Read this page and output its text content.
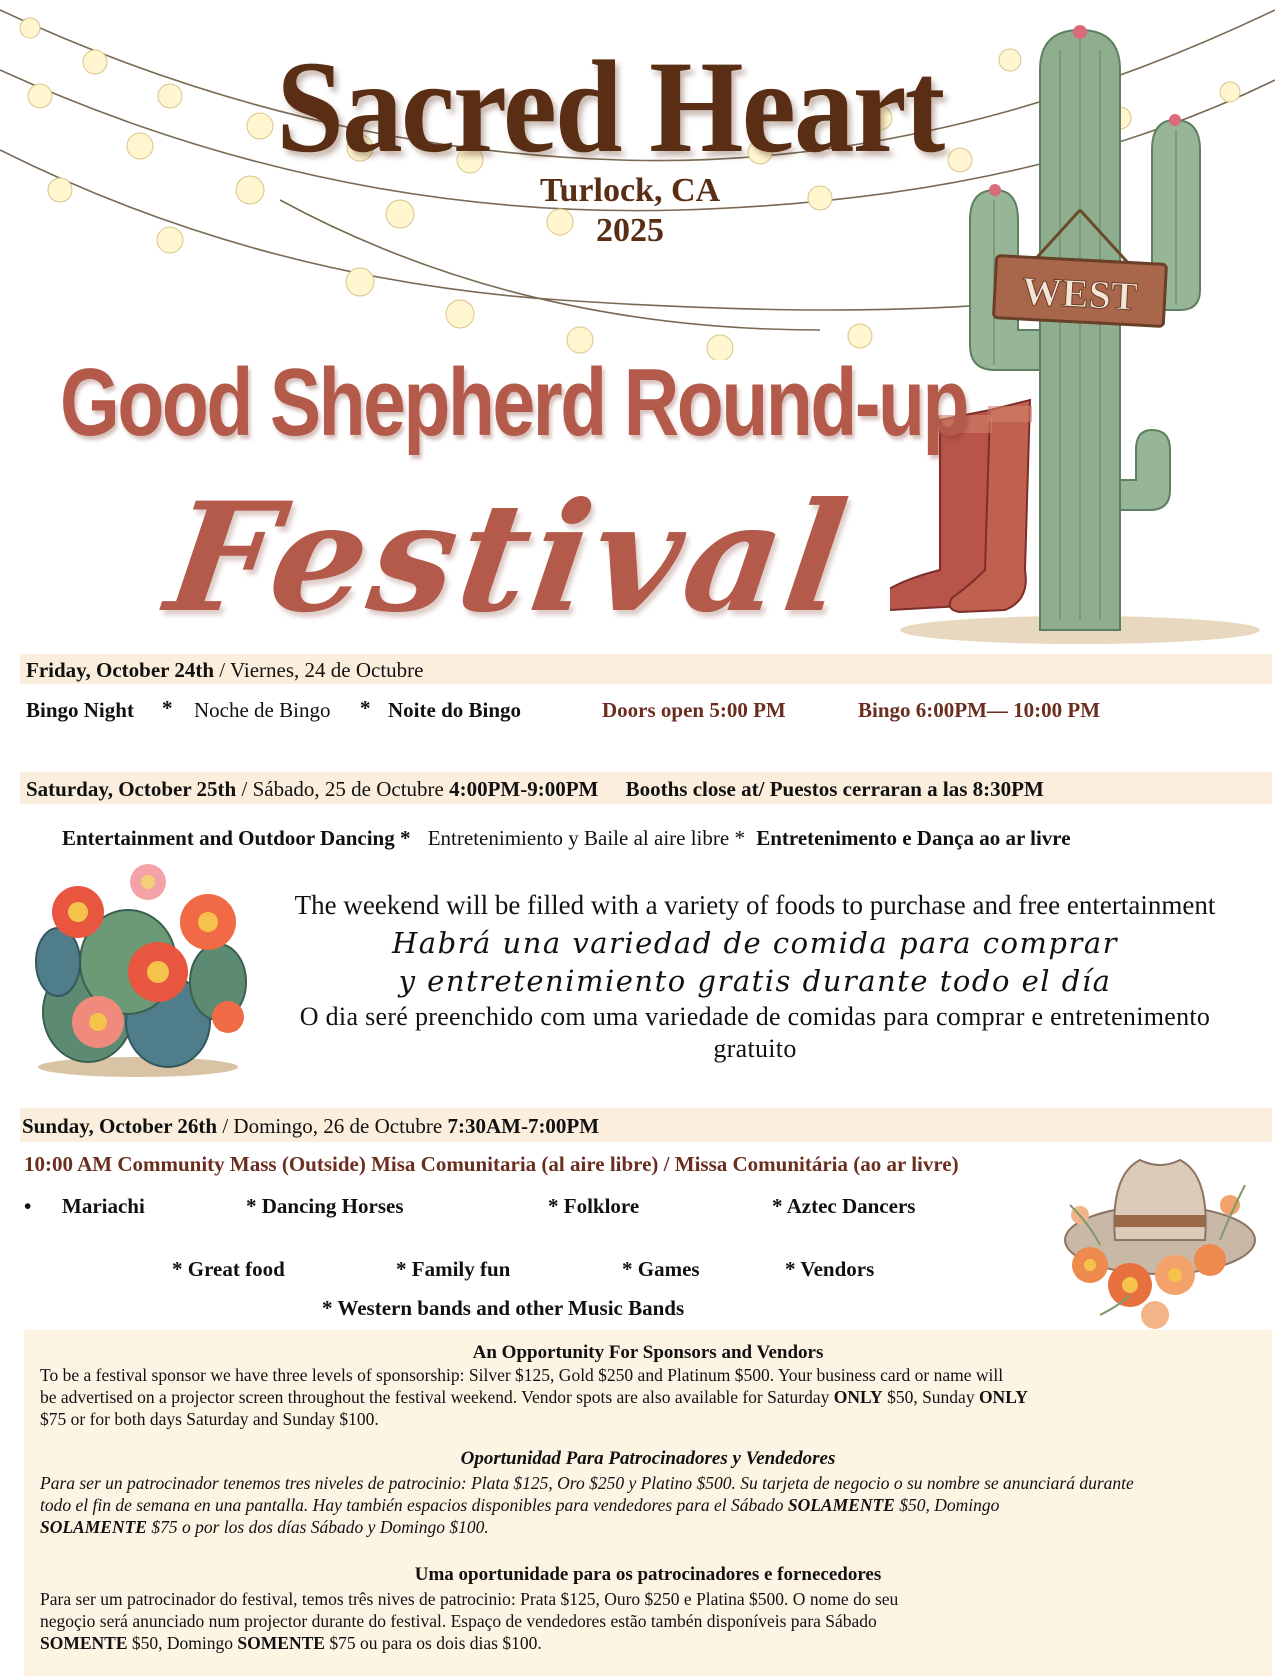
WEST
Sacred Heart
Turlock, CA
2025
Good Shepherd Round-up
Festival
Friday, October 24th / Viernes, 24 de Octubre
Bingo Night * Noche de Bingo * Noite do Bingo	Doors open 5:00 PM	Bingo 6:00PM— 10:00 PM
Saturday, October 25th / Sábado, 25 de Octubre 4:00PM-9:00PM Booths close at/ Puestos cerraran a las 8:30PM
Entertainment and Outdoor Dancing * Entretenimiento y Baile al aire libre * Entretenimento e Dança ao ar livre
The weekend will be filled with a variety of foods to purchase and free entertainment
Habrá una variedad de comida para comprar
y entretenimiento gratis durante todo el día
O dia seré preenchido com uma variedade de comidas para comprar e entretenimento
gratuito
Sunday, October 26th / Domingo, 26 de Octubre 7:30AM-7:00PM
10:00 AM Community Mass (Outside) Misa Comunitaria (al aire libre) / Missa Comunitária (ao ar livre)
• Mariachi	* Dancing Horses	* Folklore	* Aztec Dancers
* Great food	* Family fun	* Games	* Vendors
* Western bands and other Music Bands
An Opportunity For Sponsors and Vendors
To be a festival sponsor we have three levels of sponsorship: Silver $125, Gold $250 and Platinum $500. Your business card or name will
be advertised on a projector screen throughout the festival weekend. Vendor spots are also available for Saturday ONLY $50, Sunday ONLY
$75 or for both days Saturday and Sunday $100.
Oportunidad Para Patrocinadores y Vendedores
Para ser un patrocinador tenemos tres niveles de patrocinio: Plata $125, Oro $250 y Platino $500. Su tarjeta de negocio o su nombre se anunciará durante
todo el fin de semana en una pantalla. Hay también espacios disponibles para vendedores para el Sábado SOLAMENTE $50, Domingo
SOLAMENTE $75 o por los dos días Sábado y Domingo $100.
Uma oportunidade para os patrocinadores e fornecedores
Para ser um patrocinador do festival, temos três nives de patrocinio: Prata $125, Ouro $250 e Platina $500. O nome do seu
negoçio será anunciado num projector durante do festival. Espaço de vendedores estão també​n disponíveis para Sábado
SOMENTE $50, Domingo SOMENTE $75 ou para os dois dias $100.
